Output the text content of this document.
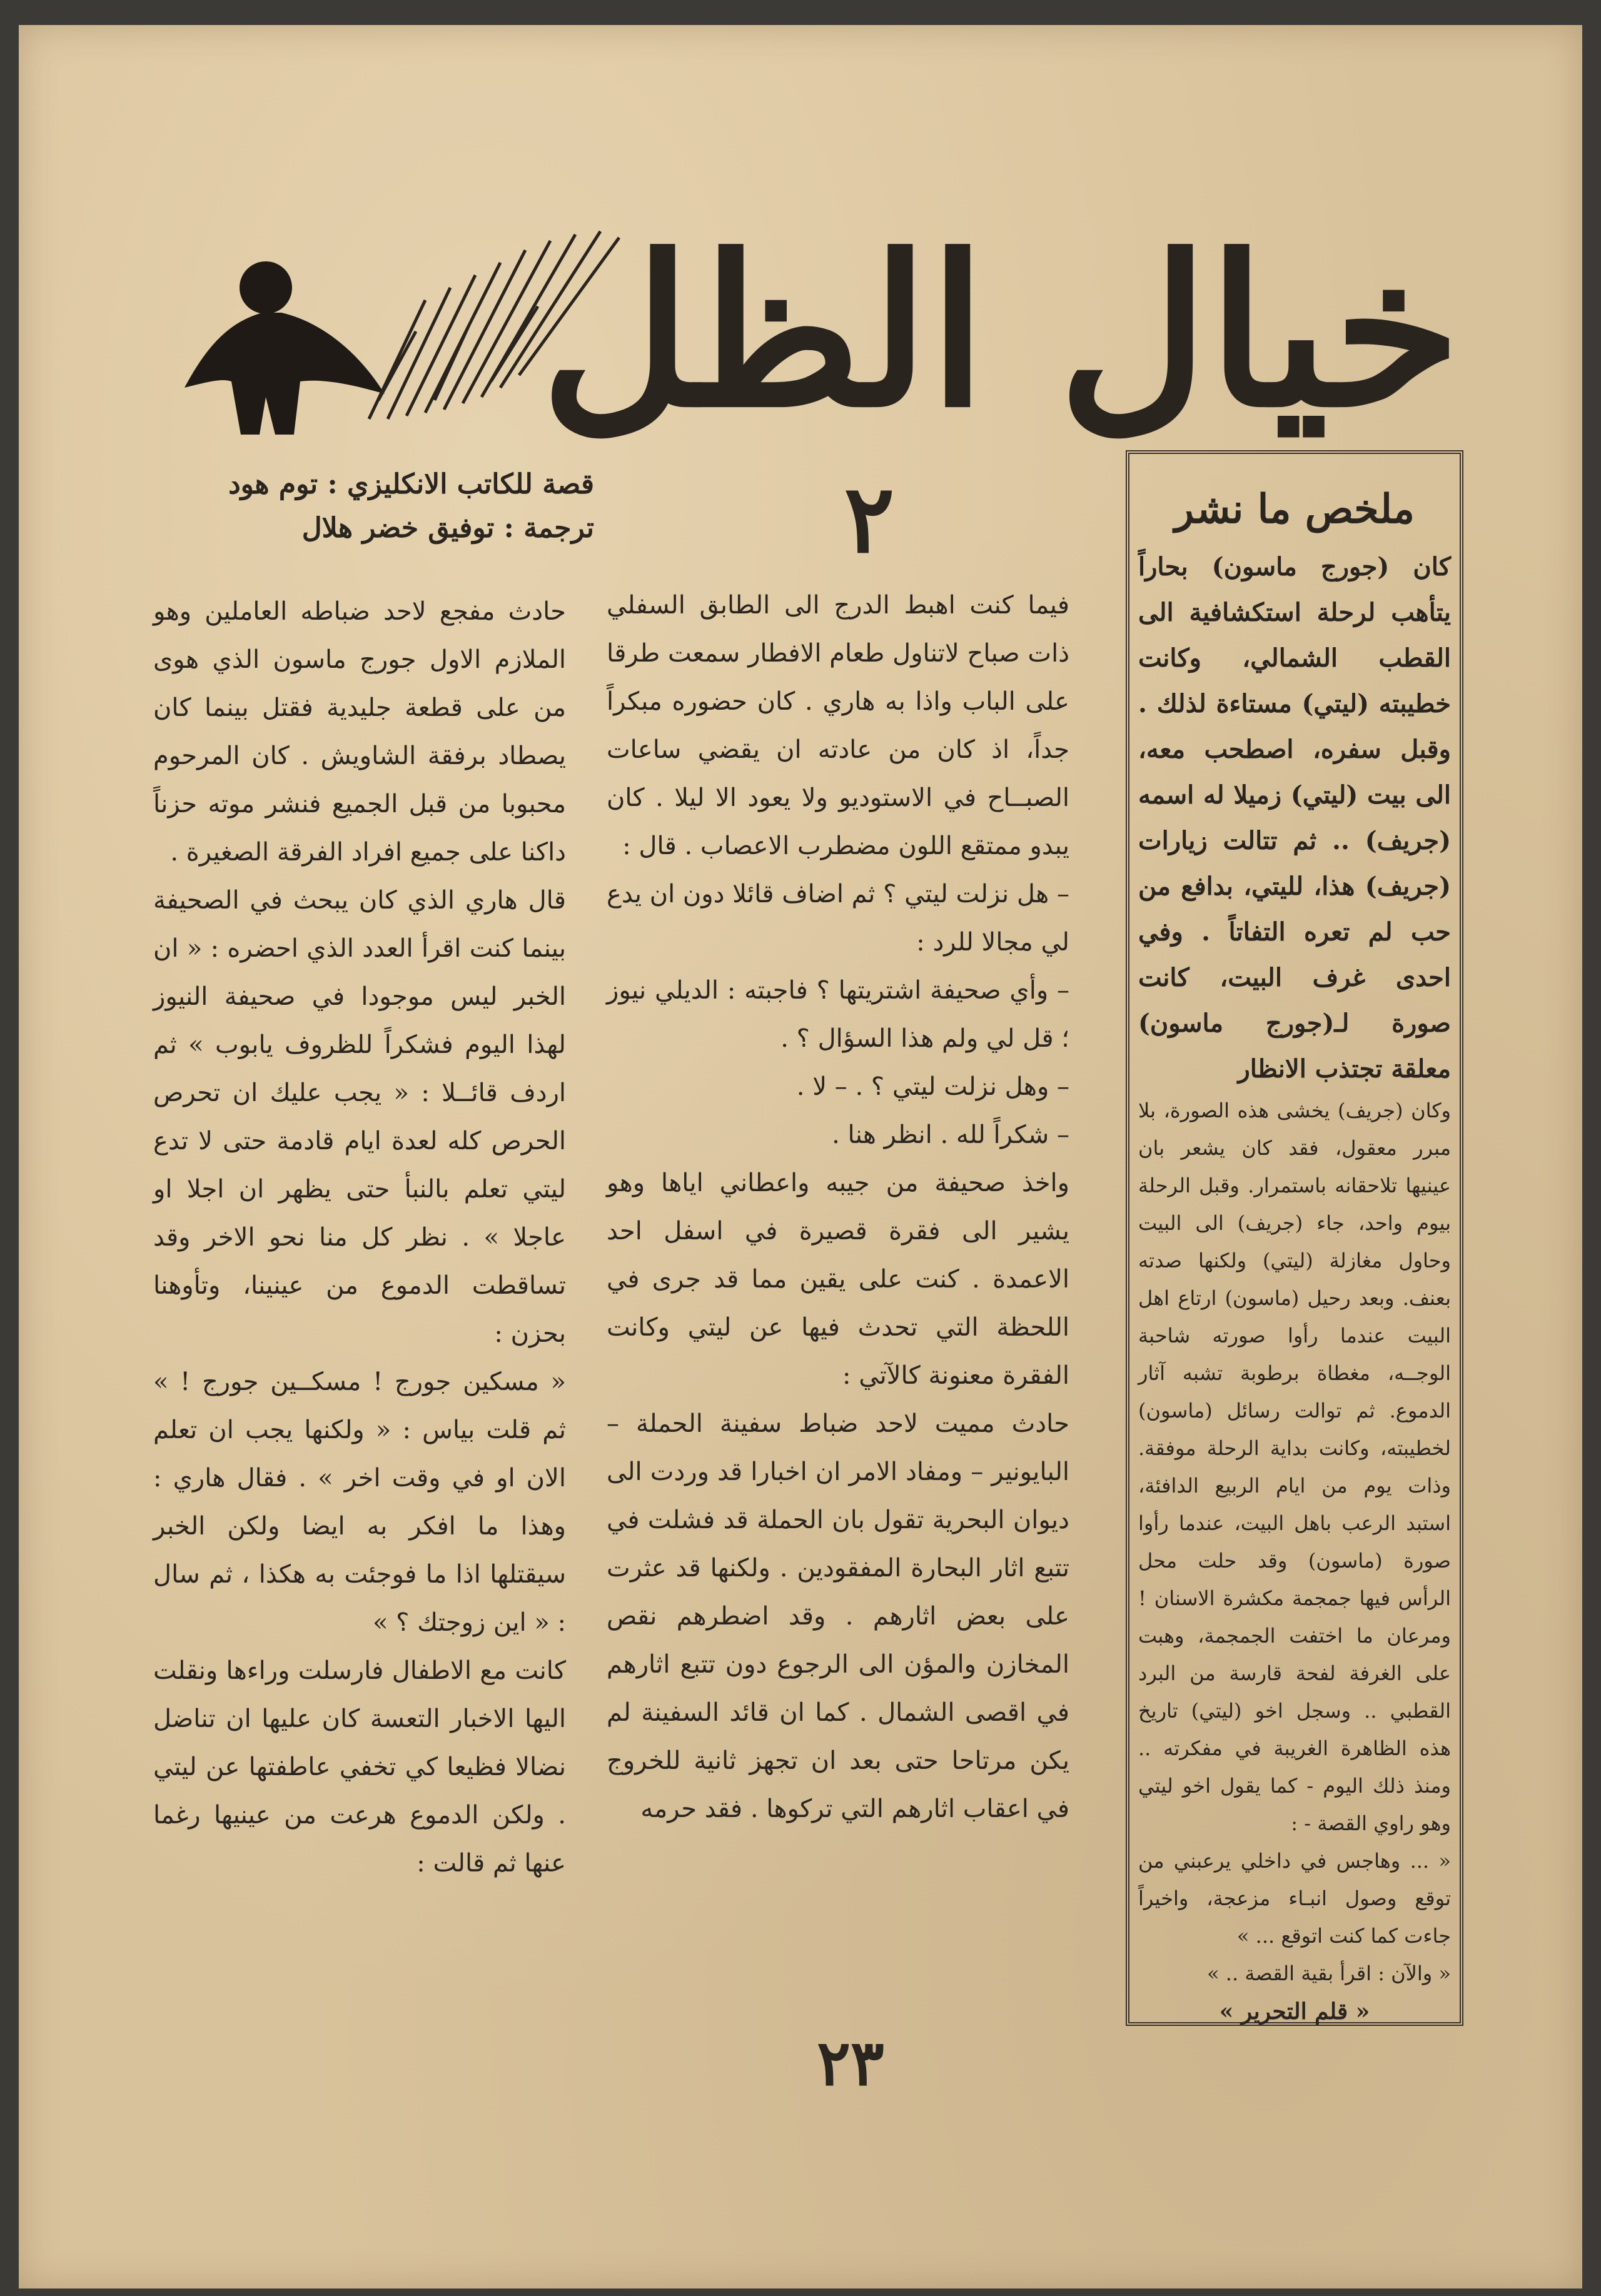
خيال الظل
٢
قصة للكاتب الانكليزي : توم هود
ترجمة : توفيق خضر هلال	ملخص ما نشر

كان (جورج ماسون) بحاراً يتأهب لرحلة استكشافية الى القطب الشمالي، وكانت خطيبته (ليتي) مستاءة لذلك . وقبل سفره، اصطحب معه، الى بيت (ليتي) زميلا له اسمه (جريف) .. ثم تتالت زيارات (جريف) هذا، لليتي، بدافع من حب لم تعره التفاتاً . وفي احدى غرف البيت، كانت صورة لـ(جورج ماسون) معلقة تجتذب الانظار

وكان (جريف) يخشى هذه الصورة، بلا مبرر معقول، فقد كان يشعر بان عينيها تلاحقانه باستمرار. وقبل الرحلة بيوم واحد، جاء (جريف) الى البيت وحاول مغازلة (ليتي) ولكنها صدته بعنف. وبعد رحيل (ماسون) ارتاع اهل البيت عندما رأوا صورته شاحبة الوجــه، مغطاة برطوبة تشبه آثار الدموع. ثم توالت رسائل (ماسون) لخطيبته، وكانت بداية الرحلة موفقة. وذات يوم من ايام الربيع الدافئة، استبد الرعب باهل البيت، عندما رأوا صورة (ماسون) وقد حلت محل الرأس فيها جمجمة مكشرة الاسنان ! ومرعان ما اختفت الجمجمة، وهبت على الغرفة لفحة قارسة من البرد القطبي .. وسجل اخو (ليتي) تاريخ هذه الظاهرة الغريبة في مفكرته .. ومنذ ذلك اليوم - كما يقول اخو ليتي وهو راوي القصة - :

« ... وهاجس في داخلي يرعبني من توقع وصول انبـاء مزعجة، واخيراً جاءت كما كنت اتوقع ... »

« والآن : اقرأ بقية القصة .. »

« قلم التحرير »

فيما كنت اهبط الدرج الى الطابق السفلي ذات صباح لاتناول طعام الافطار سمعت طرقا على الباب واذا به هاري . كان حضوره مبكراً جداً، اذ كان من عادته ان يقضي ساعات الصبــاح في الاستوديو ولا يعود الا ليلا . كان يبدو ممتقع اللون مضطرب الاعصاب . قال :

– هل نزلت ليتي ؟ ثم اضاف قائلا دون ان يدع لي مجالا للرد :

– وأي صحيفة اشتريتها ؟ فاجبته : الديلي نيوز ؛ قل لي ولم هذا السؤال ؟ .

– وهل نزلت ليتي ؟ . – لا .

– شكراً لله . انظر هنا .

واخذ صحيفة من جيبه واعطاني اياها وهو يشير الى فقرة قصيرة في اسفل احد الاعمدة . كنت على يقين مما قد جرى في اللحظة التي تحدث فيها عن ليتي وكانت الفقرة معنونة كالآتي :

حادث مميت لاحد ضباط سفينة الحملة – البايونير – ومفاد الامر ان اخبارا قد وردت الى ديوان البحرية تقول بان الحملة قد فشلت في تتبع اثار البحارة المفقودين . ولكنها قد عثرت على بعض اثارهم . وقد اضطرهم نقص المخازن والمؤن الى الرجوع دون تتبع اثارهم في اقصى الشمال . كما ان قائد السفينة لم يكن مرتاحا حتى بعد ان تجهز ثانية للخروج في اعقاب اثارهم التي تركوها . فقد حرمه

حادث مفجع لاحد ضباطه العاملين وهو الملازم الاول جورج ماسون الذي هوى من على قطعة جليدية فقتل بينما كان يصطاد برفقة الشاويش . كان المرحوم محبوبا من قبل الجميع فنشر موته حزناً داكنا على جميع افراد الفرقة الصغيرة .

قال هاري الذي كان يبحث في الصحيفة بينما كنت اقرأ العدد الذي احضره : « ان الخبر ليس موجودا في صحيفة النيوز لهذا اليوم فشكراً للظروف يابوب » ثم اردف قائــلا : « يجب عليك ان تحرص الحرص كله لعدة ايام قادمة حتى لا تدع ليتي تعلم بالنبأ حتى يظهر ان اجلا او عاجلا » . نظر كل منا نحو الاخر وقد تساقطت الدموع من عينينا، وتأوهنا بحزن :

« مسكين جورج ! مسكــين جورج ! » ثم قلت بياس : « ولكنها يجب ان تعلم الان او في وقت اخر » . فقال هاري : وهذا ما افكر به ايضا ولكن الخبر سيقتلها اذا ما فوجئت به هكذا ، ثم سال : « اين زوجتك ؟ »

كانت مع الاطفال فارسلت وراءها ونقلت اليها الاخبار التعسة كان عليها ان تناضل نضالا فظيعا كي تخفي عاطفتها عن ليتي . ولكن الدموع هرعت من عينيها رغما عنها ثم قالت :

٢٣
